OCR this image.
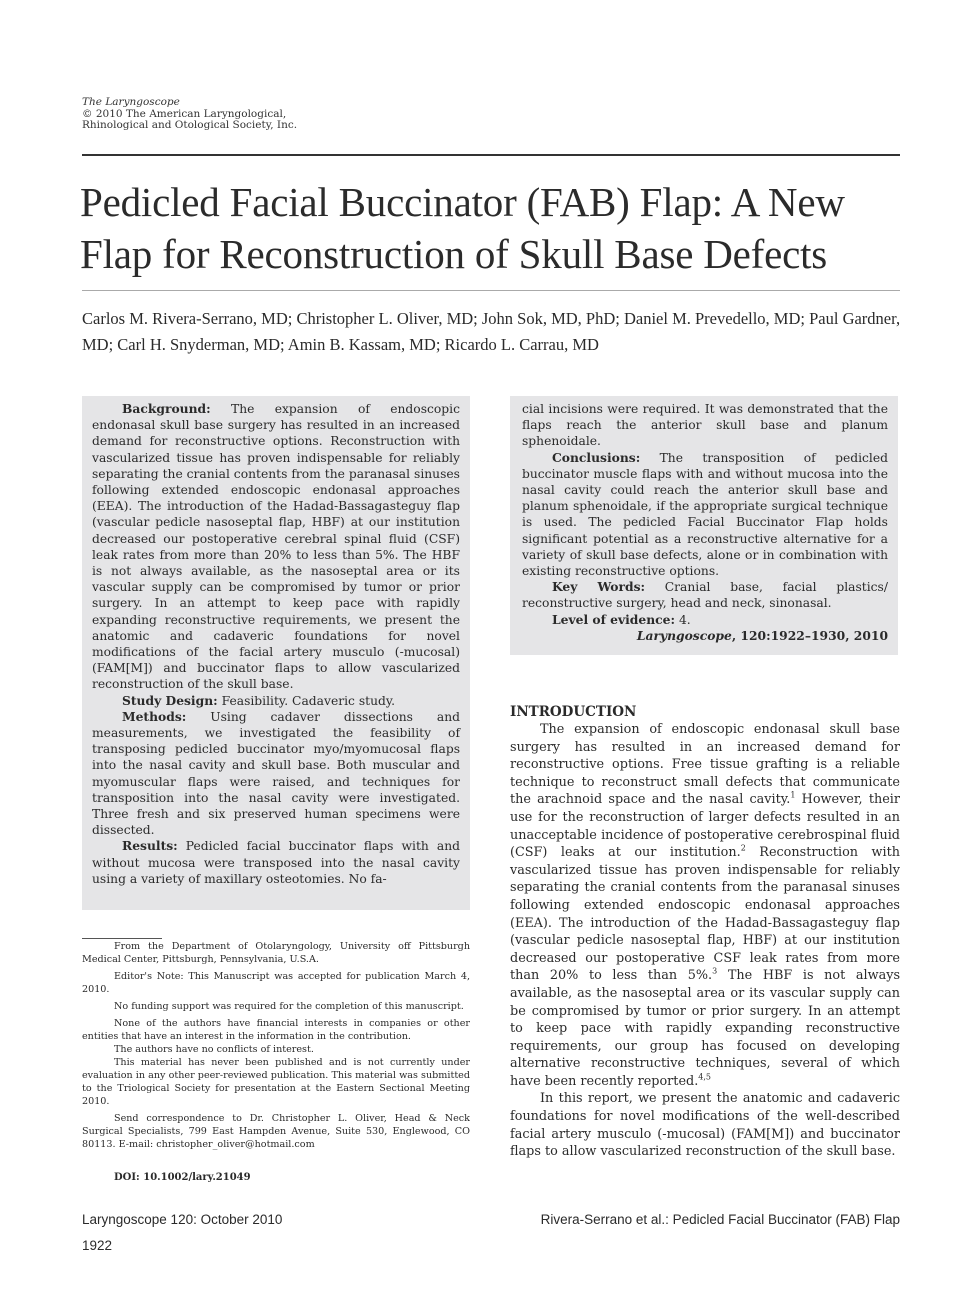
The Laryngoscope
© 2010 The American Laryngological,
Rhinological and Otological Society, Inc.
Pedicled Facial Buccinator (FAB) Flap: A New Flap for Reconstruction of Skull Base Defects
Carlos M. Rivera-Serrano, MD; Christopher L. Oliver, MD; John Sok, MD, PhD; Daniel M. Prevedello, MD; Paul Gardner, MD; Carl H. Snyderman, MD; Amin B. Kassam, MD; Ricardo L. Carrau, MD

Background: The expansion of endoscopic endonasal skull base surgery has resulted in an increased demand for reconstructive options. Reconstruction with vascularized tissue has proven indispensable for reliably separating the cranial contents from the paranasal sinuses following extended endoscopic endonasal approaches (EEA). The introduction of the Hadad-Bassagasteguy flap (vascular pedicle nasoseptal flap, HBF) at our institution decreased our postoperative cerebral spinal fluid (CSF) leak rates from more than 20% to less than 5%. The HBF is not always available, as the nasoseptal area or its vascular supply can be compromised by tumor or prior surgery. In an attempt to keep pace with rapidly expanding reconstructive requirements, we present the anatomic and cadaveric foundations for novel modifications of the facial artery musculo (-mucosal) (FAM[M]) and buccinator flaps to allow vascularized reconstruction of the skull base.

Study Design: Feasibility. Cadaveric study.

Methods: Using cadaver dissections and measurements, we investigated the feasibility of transposing pedicled buccinator myo/myomucosal flaps into the nasal cavity and skull base. Both muscular and myomuscular flaps were raised, and techniques for transposition into the nasal cavity were investigated. Three fresh and six preserved human specimens were dissected.

Results: Pedicled facial buccinator flaps with and without mucosa were transposed into the nasal cavity using a variety of maxillary osteotomies. No fa-

cial incisions were required. It was demonstrated that the flaps reach the anterior skull base and planum sphenoidale.

Conclusions: The transposition of pedicled buccinator muscle flaps with and without mucosa into the nasal cavity could reach the anterior skull base and planum sphenoidale, if the appropriate surgical technique is used. The pedicled Facial Buccinator Flap holds significant potential as a reconstructive alternative for a variety of skull base defects, alone or in combination with existing reconstructive options.

Key Words: Cranial base, facial plastics/ reconstructive surgery, head and neck, sinonasal.

Level of evidence: 4.

Laryngoscope, 120:1922–1930, 2010

INTRODUCTION

The expansion of endoscopic endonasal skull base surgery has resulted in an increased demand for reconstructive options. Free tissue grafting is a reliable technique to reconstruct small defects that communicate the arachnoid space and the nasal cavity.$^1$ However, their use for the reconstruction of larger defects resulted in an unacceptable incidence of postoperative cerebrospinal fluid (CSF) leaks at our institution.$^2$ Reconstruction with vascularized tissue has proven indispensable for reliably separating the cranial contents from the paranasal sinuses following extended endoscopic endonasal approaches (EEA). The introduction of the Hadad-Bassagasteguy flap (vascular pedicle nasoseptal flap, HBF) at our institution decreased our postoperative CSF leak rates from more than 20% to less than 5%.$^3$ The HBF is not always available, as the nasoseptal area or its vascular supply can be compromised by tumor or prior surgery. In an attempt to keep pace with rapidly expanding reconstructive requirements, our group has focused on developing alternative reconstructive techniques, several of which have been recently reported.$^{4,5}$

In this report, we present the anatomic and cadaveric foundations for novel modifications of the well-described facial artery musculo (-mucosal) (FAM[M]) and buccinator flaps to allow vascularized reconstruction of the skull base.

From the Department of Otolaryngology, University off Pittsburgh Medical Center, Pittsburgh, Pennsylvania, U.S.A.

Editor's Note: This Manuscript was accepted for publication March 4, 2010.

No funding support was required for the completion of this manuscript.

None of the authors have financial interests in companies or other entities that have an interest in the information in the contribution.

The authors have no conflicts of interest.

This material has never been published and is not currently under evaluation in any other peer-reviewed publication. This material was submitted to the Triological Society for presentation at the Eastern Sectional Meeting 2010.

Send correspondence to Dr. Christopher L. Oliver, Head & Neck Surgical Specialists, 799 East Hampden Avenue, Suite 530, Englewood, CO 80113. E-mail: christopher_oliver@hotmail.com

DOI: 10.1002/lary.21049
Laryngoscope 120: October 2010	Rivera-Serrano et al.: Pedicled Facial Buccinator (FAB) Flap
1922
